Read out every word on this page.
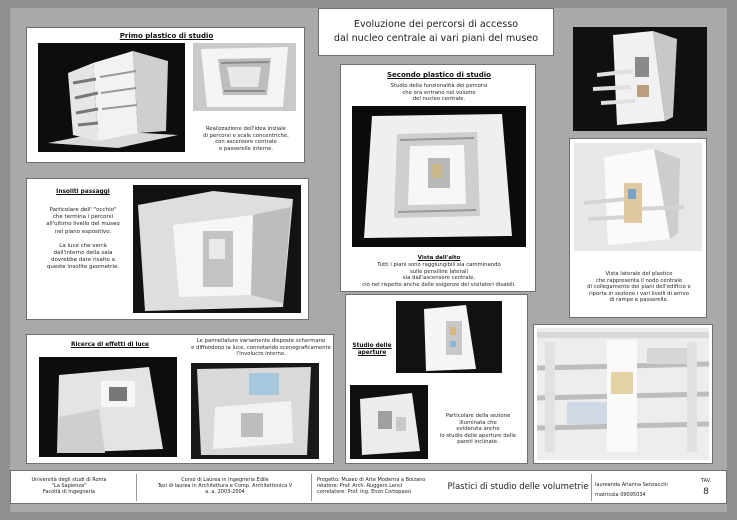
Evoluzione dei percorsi di accesso
dal nucleo centrale ai vari piani del museo
Primo plastico di studio
Realizzazione dell'idea iniziale
di percorsi e scale concentriche,
con ascensore centrale
e passerelle interne.
Secondo plastico di studio
Studio della funzionalità dei percorsi
che ora entrano nel volume
del nucleo centrale.
Vista dall'alto
Tutti i piani sono raggiungibili sia camminando
sulle pensiline laterali
sia dall'ascensore centrale,
ciò nel rispetto anche delle esigenze dei visitatori disabili.
Vista laterale del plastico
che rappresenta il nodo centrale
di collegamento dei piani dell'edificio e
riporta in sezione i vari livelli di arrivo
di rampe e passerelle.
Insoliti passaggi
Particolare dell' "occhio"
che termina i percorsi
all'ultimo livello del museo
nel piano espositivo.
La luce che verrà
dall'interno della sala
dovrebbe dare risalto a
queste insolite geometrie.
Ricerca di effetti di luce
Le pannellature variamente disposte schermano
e diffondono la luce, connotando scenograficamente
l'involucro interno.
Studio delle
aperture
Particolare della sezione
illuminata che
evidenzia anche
lo studio delle aperture delle
pareti inclinate.
Università degli studi di Roma
"La Sapienza"
Facoltà di Ingegneria
Corso di Laurea in Ingegneria Edile
Tesi di laurea in Architettura e Comp. Architettonica V
a. a. 2003-2004
Progetto: Museo di Arte Moderna a Bolzano
relatore: Prof. Arch. Ruggero Lenci
correlatore: Prof. Ing. Enzo Cortopassi
Plastici di studio delle volumetrie laureanda Arianna Senzacchi
matricola 09095034
TAV.
8
